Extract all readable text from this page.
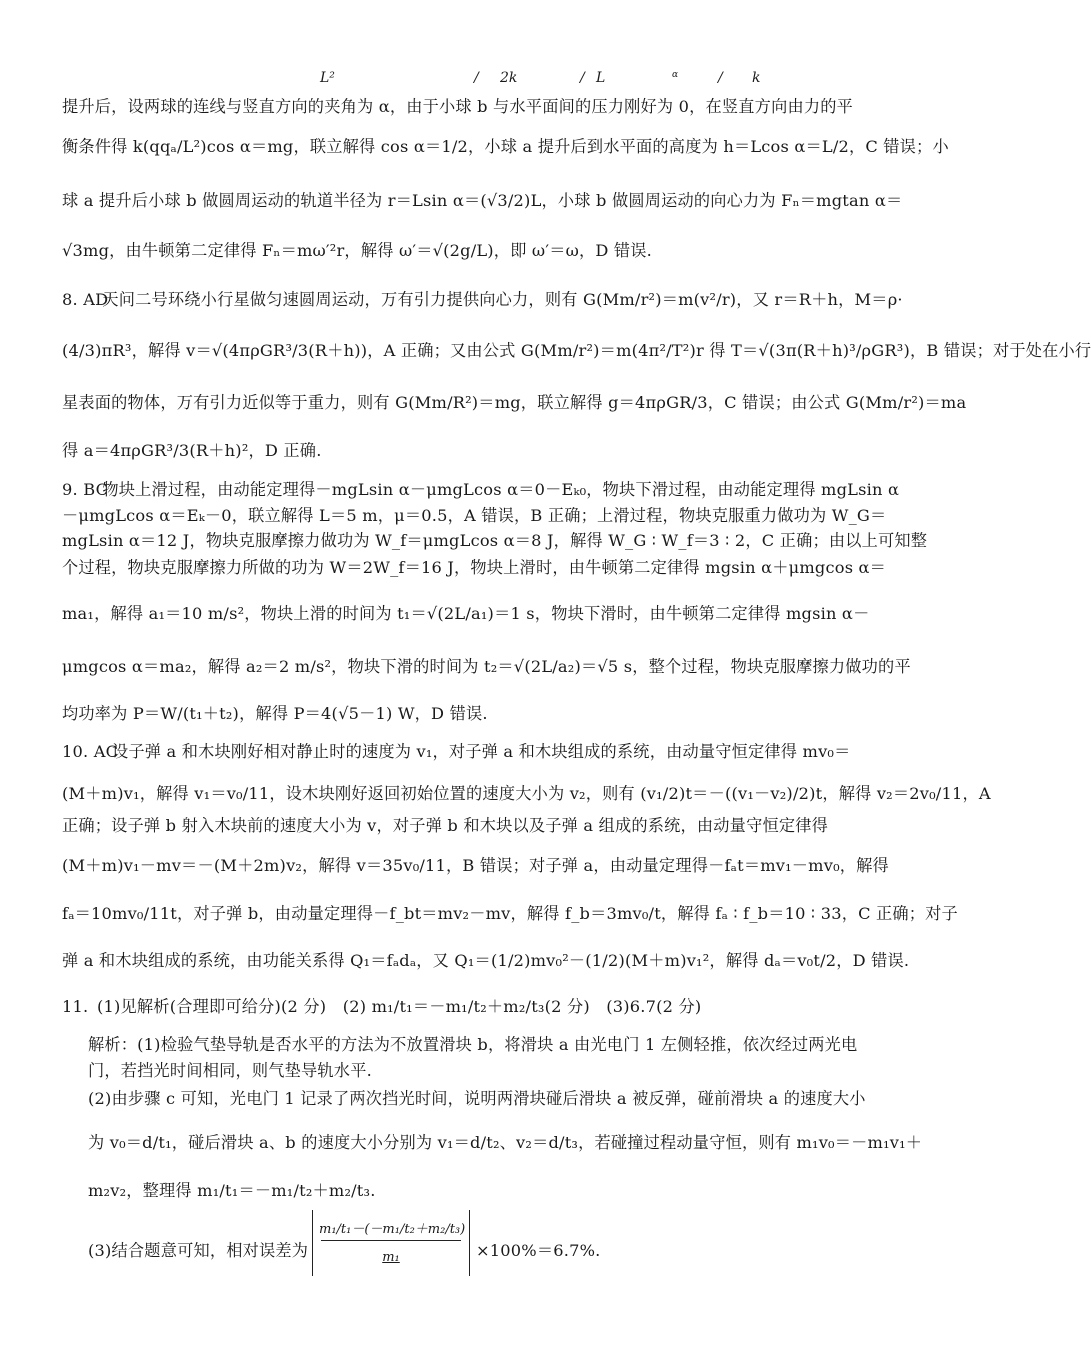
L²	/ 2k	/ L	α	/ k
提升后，设两球的连线与竖直方向的夹角为 α，由于小球 b 与水平面间的压力刚好为 0，在竖直方向由力的平
衡条件得 k(qqₐ/L²)cos α＝mg，联立解得 cos α＝1/2，小球 a 提升后到水平面的高度为 h＝Lcos α＝L/2，C 错误；小
球 a 提升后小球 b 做圆周运动的轨道半径为 r＝Lsin α＝(√3/2)L，小球 b 做圆周运动的向心力为 Fₙ＝mgtan α＝
√3mg，由牛顿第二定律得 Fₙ＝mω′²r，解得 ω′＝√(2g/L)，即 ω′＝ω，D 错误.
8. AD 天问二号环绕小行星做匀速圆周运动，万有引力提供向心力，则有 G(Mm/r²)＝m(v²/r)，又 r＝R＋h，M＝ρ·
(4/3)πR³，解得 v＝√(4πρGR³/3(R＋h))，A 正确；又由公式 G(Mm/r²)＝m(4π²/T²)r 得 T＝√(3π(R＋h)³/ρGR³)，B 错误；对于处在小行
星表面的物体，万有引力近似等于重力，则有 G(Mm/R²)＝mg，联立解得 g＝4πρGR/3，C 错误；由公式 G(Mm/r²)＝ma
得 a＝4πρGR³/3(R＋h)²，D 正确.
9. BC 物块上滑过程，由动能定理得－mgLsin α－μmgLcos α＝0－Eₖ₀，物块下滑过程，由动能定理得 mgLsin α
－μmgLcos α＝Eₖ－0，联立解得 L＝5 m，μ＝0.5，A 错误，B 正确；上滑过程，物块克服重力做功为 W_G＝
mgLsin α＝12 J，物块克服摩擦力做功为 W_f＝μmgLcos α＝8 J，解得 W_G ∶ W_f＝3 ∶ 2，C 正确；由以上可知整
个过程，物块克服摩擦力所做的功为 W＝2W_f＝16 J，物块上滑时，由牛顿第二定律得 mgsin α＋μmgcos α＝
ma₁，解得 a₁＝10 m/s²，物块上滑的时间为 t₁＝√(2L/a₁)＝1 s，物块下滑时，由牛顿第二定律得 mgsin α－
μmgcos α＝ma₂，解得 a₂＝2 m/s²，物块下滑的时间为 t₂＝√(2L/a₂)＝√5 s，整个过程，物块克服摩擦力做功的平
均功率为 P＝W/(t₁＋t₂)，解得 P＝4(√5－1) W，D 错误.
10. AC设子弹 a 和木块刚好相对静止时的速度为 v₁，对子弹 a 和木块组成的系统，由动量守恒定律得 mv₀＝
(M＋m)v₁，解得 v₁＝v₀/11，设木块刚好返回初始位置的速度大小为 v₂，则有 (v₁/2)t＝－((v₁－v₂)/2)t，解得 v₂＝2v₀/11，A
正确；设子弹 b 射入木块前的速度大小为 v，对子弹 b 和木块以及子弹 a 组成的系统，由动量守恒定律得
(M＋m)v₁－mv＝－(M＋2m)v₂，解得 v＝35v₀/11，B 错误；对子弹 a，由动量定理得－fₐt＝mv₁－mv₀，解得
fₐ＝10mv₀/11t，对子弹 b，由动量定理得－f_bt＝mv₂－mv，解得 f_b＝3mv₀/t，解得 fₐ ∶ f_b＝10 ∶ 33，C 正确；对子
弹 a 和木块组成的系统，由功能关系得 Q₁＝fₐdₐ，又 Q₁＝(1/2)mv₀²－(1/2)(M＋m)v₁²，解得 dₐ＝v₀t/2，D 错误.
11. (1)见解析(合理即可给分)(2 分)　(2) m₁/t₁＝－m₁/t₂＋m₂/t₃(2 分)　(3)6.7(2 分)
解析：(1)检验气垫导轨是否水平的方法为不放置滑块 b，将滑块 a 由光电门 1 左侧轻推，依次经过两光电
门，若挡光时间相同，则气垫导轨水平.
(2)由步骤 c 可知，光电门 1 记录了两次挡光时间，说明两滑块碰后滑块 a 被反弹，碰前滑块 a 的速度大小
为 v₀＝d/t₁，碰后滑块 a、b 的速度大小分别为 v₁＝d/t₂、v₂＝d/t₃，若碰撞过程动量守恒，则有 m₁v₀＝－m₁v₁＋
m₂v₂，整理得 m₁/t₁＝－m₁/t₂＋m₂/t₃.
(3)结合题意可知，相对误差为
m₁/t₁－(－m₁/t₂＋m₂/t₃)
m₁	×100%＝6.7%.
